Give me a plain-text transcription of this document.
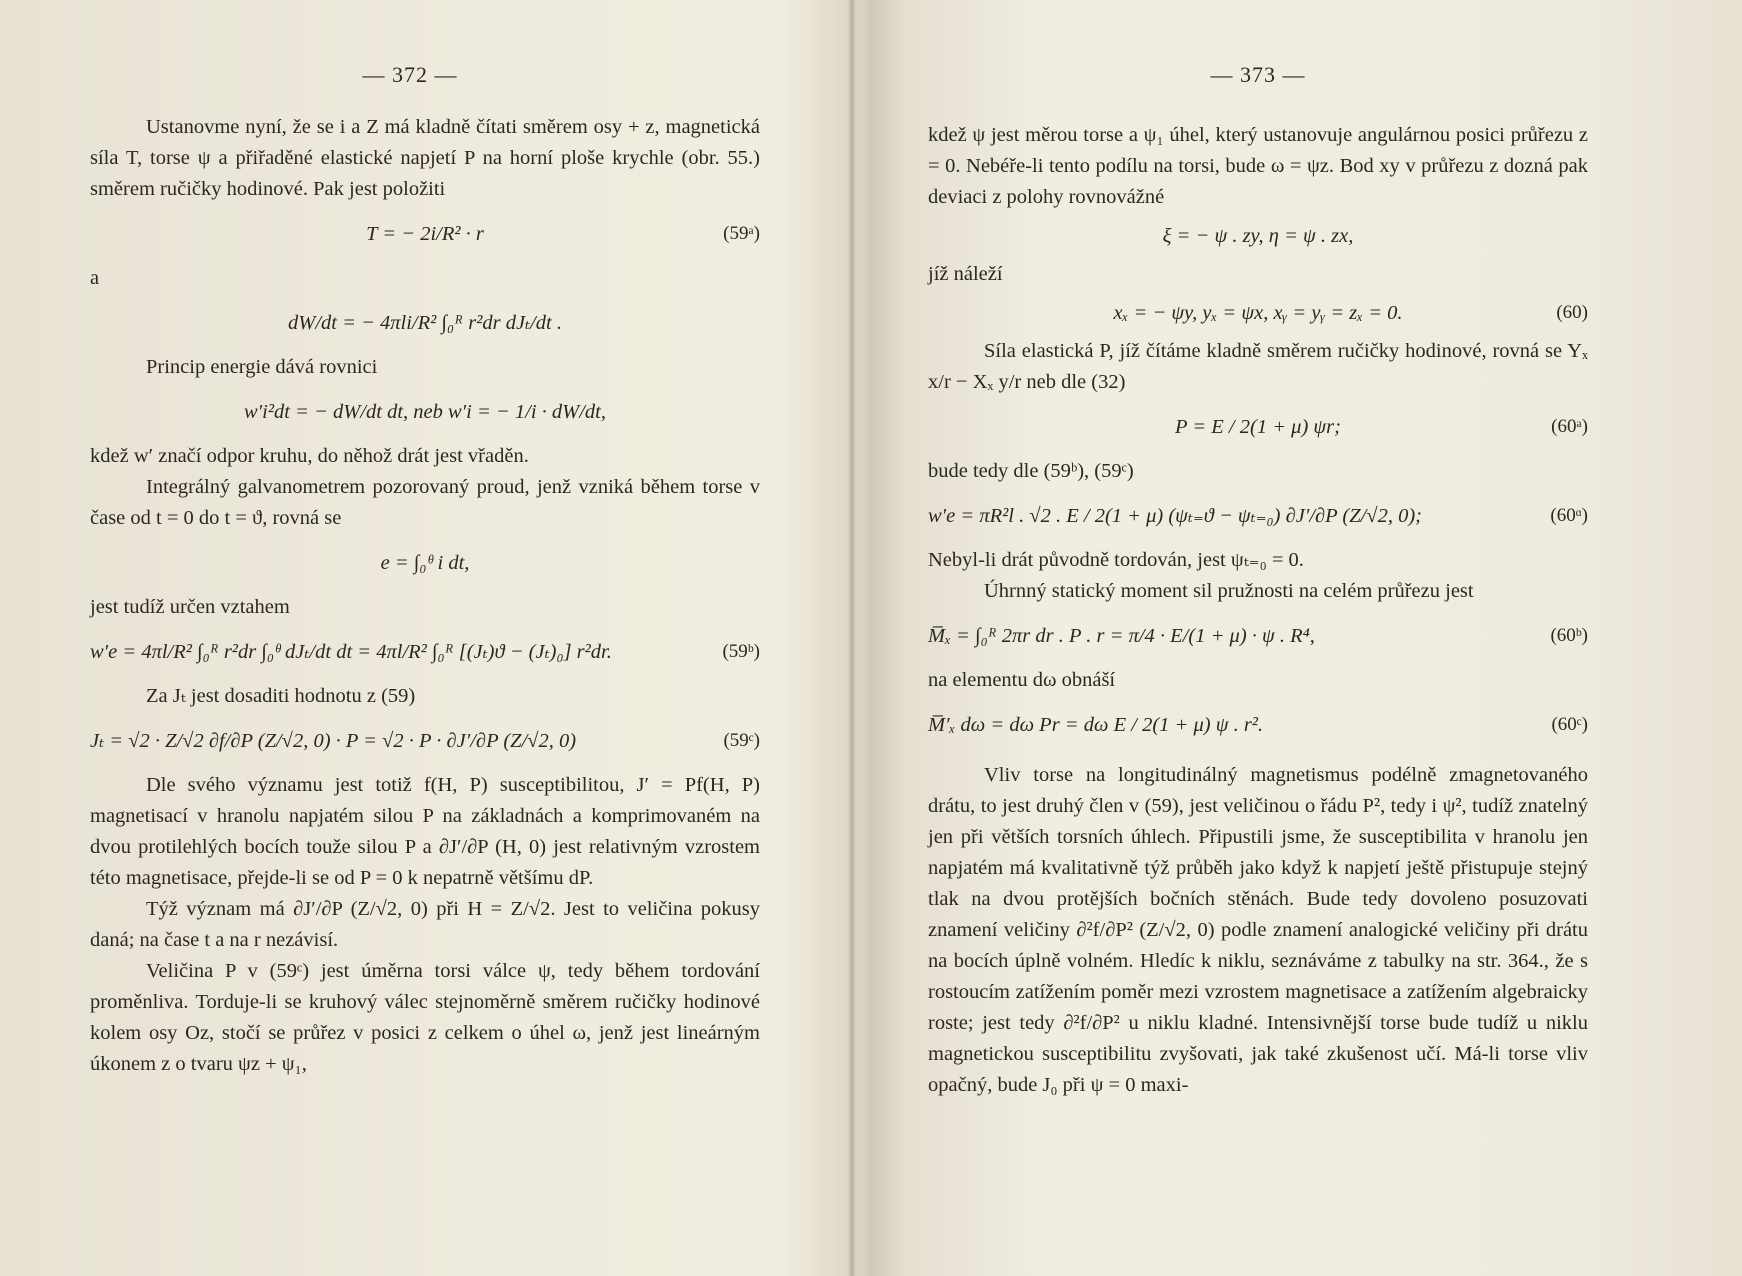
— 372 —

Ustanovme nyní, že se i a Z má kladně čítati směrem osy + z, magnetická síla T, torse ψ a přiřaděné elastické napjetí P na horní ploše krychle (obr. 55.) směrem ručičky hodinové. Pak jest položiti

T = − 2i/R² · r	(59ᵃ)

a

dW/dt = − 4πli/R² ∫₀ᴿ r²dr dJₜ/dt .

Princip energie dává rovnici

w′i²dt = − dW/dt dt, neb w′i = − 1/i · dW/dt,

kdež w′ značí odpor kruhu, do něhož drát jest vřaděn.

Integrálný galvanometrem pozorovaný proud, jenž vzniká během torse v čase od t = 0 do t = ϑ, rovná se

e = ∫₀ᶿ i dt,

jest tudíž určen vztahem

w′e = 4πl/R² ∫₀ᴿ r²dr ∫₀ᶿ dJₜ/dt dt = 4πl/R² ∫₀ᴿ [(Jₜ)ϑ − (Jₜ)₀] r²dr.	(59ᵇ)

Za Jₜ jest dosaditi hodnotu z (59)

Jₜ = √2 · Z/√2 ∂f/∂P (Z/√2, 0) · P = √2 · P · ∂J′/∂P (Z/√2, 0)	(59ᶜ)

Dle svého významu jest totiž f(H, P) susceptibilitou, J′ = Pf(H, P) magnetisací v hranolu napjatém silou P na základnách a komprimovaném na dvou protilehlých bocích touže silou P a ∂J′/∂P (H, 0) jest relativným vzrostem této magnetisace, přejde-li se od P = 0 k nepatrně většímu dP.

Týž význam má ∂J′/∂P (Z/√2, 0) při H = Z/√2. Jest to veličina pokusy daná; na čase t a na r nezávisí.

Veličina P v (59ᶜ) jest úměrna torsi válce ψ, tedy během tordování proměnliva. Torduje-li se kruhový válec stejnoměrně směrem ručičky hodinové kolem osy Oz, stočí se průřez v posici z celkem o úhel ω, jenž jest lineárným úkonem z o tvaru ψz + ψ₁,

— 373 —

kdež ψ jest měrou torse a ψ₁ úhel, který ustanovuje angulárnou posici průřezu z = 0. Nebéře-li tento podílu na torsi, bude ω = ψz. Bod xy v průřezu z dozná pak deviaci z polohy rovnovážné

ξ = − ψ . zy, η = ψ . zx,

jíž náleží

xₓ = − ψy, yₓ = ψx, xᵧ = yᵧ = zₓ = 0.	(60)

Síla elastická P, jíž čítáme kladně směrem ručičky hodinové, rovná se Yₓ x/r − Xₓ y/r neb dle (32)

P = E / 2(1 + μ) ψr;	(60ᵃ)

bude tedy dle (59ᵇ), (59ᶜ)

w′e = πR²l . √2 . E / 2(1 + μ) (ψₜ₌ϑ − ψₜ₌₀) ∂J′/∂P (Z/√2, 0);	(60ᵅ)

Nebyl-li drát původně tordován, jest ψₜ₌₀ = 0.

Úhrnný statický moment sil pružnosti na celém průřezu jest

M̅ₓ = ∫₀ᴿ 2πr dr . P . r = π/4 · E/(1 + μ) · ψ . R⁴,	(60ᵇ)

na elementu dω obnáší

M̅′ₓ dω = dω Pr = dω E / 2(1 + μ) ψ . r².	(60ᶜ)

Vliv torse na longitudinálný magnetismus podélně zmagnetovaného drátu, to jest druhý člen v (59), jest veličinou o řádu P², tedy i ψ², tudíž znatelný jen při větších torsních úhlech. Připustili jsme, že susceptibilita v hranolu jen napjatém má kvalitativně týž průběh jako když k napjetí ještě přistupuje stejný tlak na dvou protějších bočních stěnách. Bude tedy dovoleno posuzovati znamení veličiny ∂²f/∂P² (Z/√2, 0) podle znamení analogické veličiny při drátu na bocích úplně volném. Hledíc k niklu, seznáváme z tabulky na str. 364., že s rostoucím zatížením poměr mezi vzrostem magnetisace a zatížením algebraicky roste; jest tedy ∂²f/∂P² u niklu kladné. Intensivnější torse bude tudíž u niklu magnetickou susceptibilitu zvyšovati, jak také zkušenost učí. Má-li torse vliv opačný, bude J₀ při ψ = 0 maxi-
